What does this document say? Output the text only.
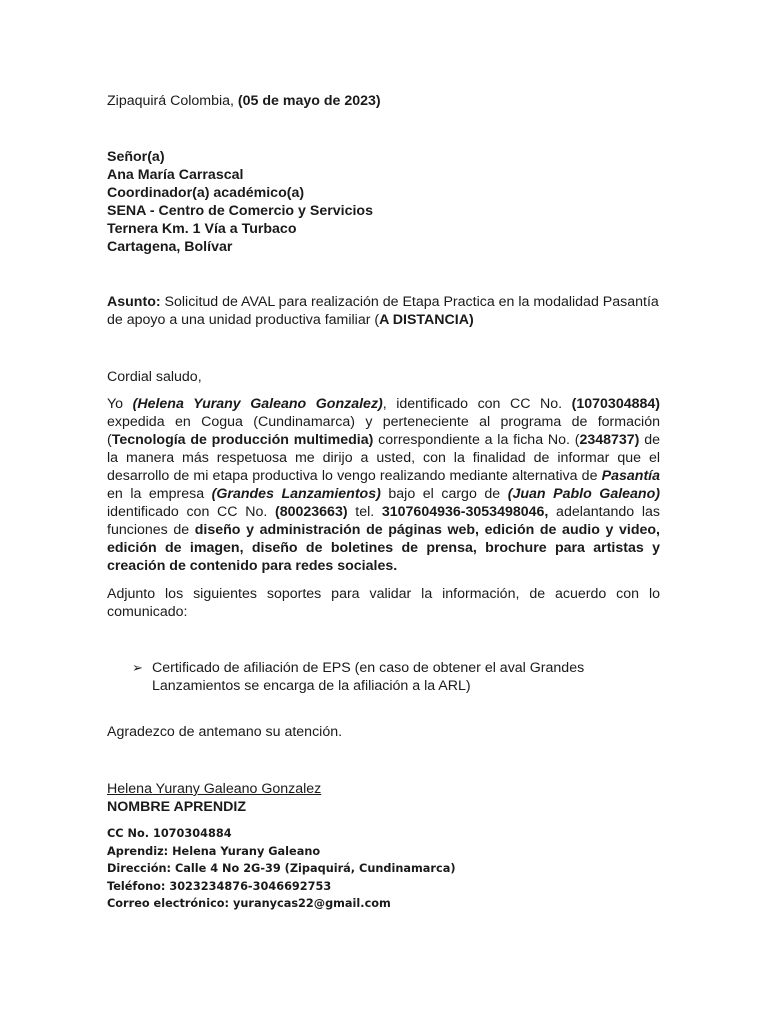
Zipaquirá Colombia, (05 de mayo de 2023)
Señor(a)
Ana María Carrascal
Coordinador(a) académico(a)
SENA - Centro de Comercio y Servicios
Ternera Km. 1 Vía a Turbaco
Cartagena, Bolívar
Asunto: Solicitud de AVAL para realización de Etapa Practica en la modalidad Pasantía de apoyo a una unidad productiva familiar (A DISTANCIA)
Cordial saludo,
Yo (Helena Yurany Galeano Gonzalez), identificado con CC No. (1070304884) expedida en Cogua (Cundinamarca) y perteneciente al programa de formación (Tecnología de producción multimedia) correspondiente a la ficha No. (2348737) de la manera más respetuosa me dirijo a usted, con la finalidad de informar que el desarrollo de mi etapa productiva lo vengo realizando mediante alternativa de Pasantía en la empresa (Grandes Lanzamientos) bajo el cargo de (Juan Pablo Galeano) identificado con CC No. (80023663) tel. 3107604936-3053498046, adelantando las funciones de diseño y administración de páginas web, edición de audio y video, edición de imagen, diseño de boletines de prensa, brochure para artistas y creación de contenido para redes sociales.
Adjunto los siguientes soportes para validar la información, de acuerdo con lo comunicado:
➢ Certificado de afiliación de EPS (en caso de obtener el aval Grandes Lanzamientos se encarga de la afiliación a la ARL)
Agradezco de antemano su atención.
Helena Yurany Galeano Gonzalez
NOMBRE APRENDIZ
CC No. 1070304884
Aprendiz: Helena Yurany Galeano
Dirección: Calle 4 No 2G-39 (Zipaquirá, Cundinamarca)
Teléfono: 3023234876-3046692753
Correo electrónico: yuranycas22@gmail.com
